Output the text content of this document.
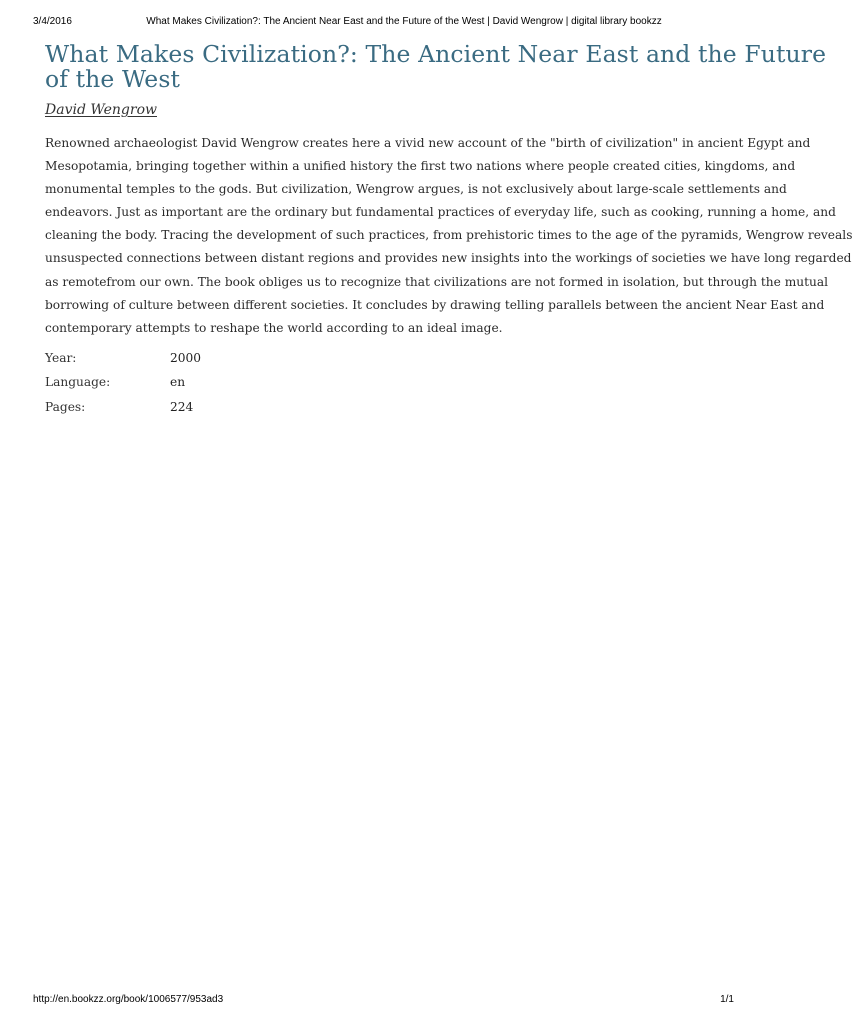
3/4/2016	What Makes Civilization?: The Ancient Near East and the Future of the West | David Wengrow | digital library bookzz
What Makes Civilization?: The Ancient Near East and the Future
of the West
David Wengrow
Renowned archaeologist David Wengrow creates here a vivid new account of the "birth of civilization" in ancient Egypt and
Mesopotamia, bringing together within a unified history the first two nations where people created cities, kingdoms, and
monumental temples to the gods. But civilization, Wengrow argues, is not exclusively about large-scale settlements and
endeavors. Just as important are the ordinary but fundamental practices of everyday life, such as cooking, running a home, and
cleaning the body. Tracing the development of such practices, from prehistoric times to the age of the pyramids, Wengrow reveals
unsuspected connections between distant regions and provides new insights into the workings of societies we have long regarded
as remotefrom our own. The book obliges us to recognize that civilizations are not formed in isolation, but through the mutual
borrowing of culture between different societies. It concludes by drawing telling parallels between the ancient Near East and
contemporary attempts to reshape the world according to an ideal image.
Year:	2000
Language:	en
Pages:	224
http://en.bookzz.org/book/1006577/953ad3	1/1
